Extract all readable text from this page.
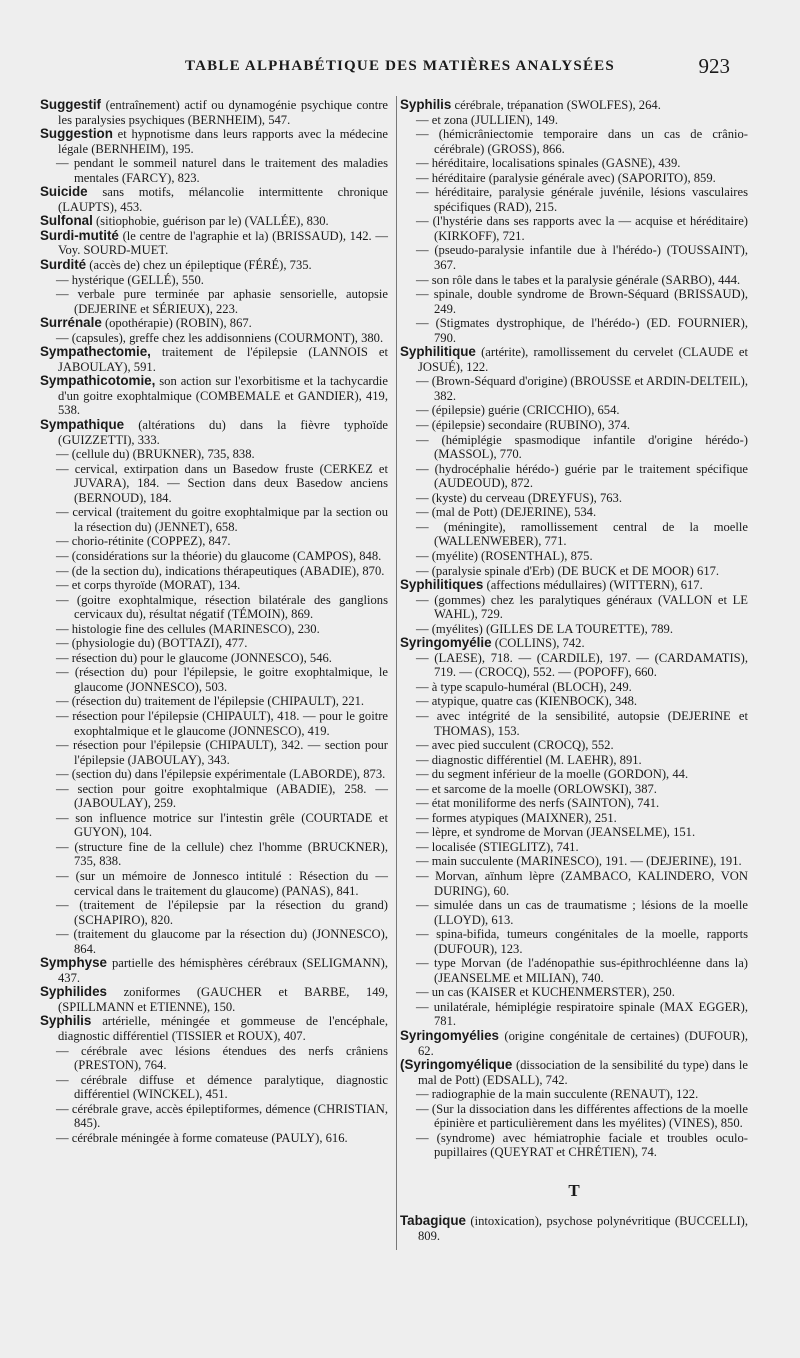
TABLE ALPHABÉTIQUE DES MATIÈRES ANALYSÉES	923

Suggestif (entraînement) actif ou dynamogénie psychique contre les paralysies psychiques (BERNHEIM), 547.

Suggestion et hypnotisme dans leurs rapports avec la médecine légale (BERNHEIM), 195.

— pendant le sommeil naturel dans le traitement des maladies mentales (FARCY), 823.

Suicide sans motifs, mélancolie intermittente chronique (LAUPTS), 453.

Sulfonal (sitiophobie, guérison par le) (VALLÉE), 830.

Surdi-mutité (le centre de l'agraphie et la) (BRISSAUD), 142. — Voy. SOURD-MUET.

Surdité (accès de) chez un épileptique (FÉRÉ), 735.

— hystérique (GELLÉ), 550.

— verbale pure terminée par aphasie sensorielle, autopsie (DEJERINE et SÉRIEUX), 223.

Surrénale (opothérapie) (ROBIN), 867.

— (capsules), greffe chez les addisonniens (COURMONT), 380.

Sympathectomie, traitement de l'épilepsie (LANNOIS et JABOULAY), 591.

Sympathicotomie, son action sur l'exorbitisme et la tachycardie d'un goitre exophtalmique (COMBEMALE et GANDIER), 419, 538.

Sympathique (altérations du) dans la fièvre typhoïde (GUIZZETTI), 333.

— (cellule du) (BRUKNER), 735, 838.

— cervical, extirpation dans un Basedow fruste (CERKEZ et JUVARA), 184. — Section dans deux Basedow anciens (BERNOUD), 184.

— cervical (traitement du goitre exophtalmique par la section ou la résection du) (JENNET), 658.

— chorio-rétinite (COPPEZ), 847.

— (considérations sur la théorie) du glaucome (CAMPOS), 848.

— (de la section du), indications thérapeutiques (ABADIE), 870.

— et corps thyroïde (MORAT), 134.

— (goitre exophtalmique, résection bilatérale des ganglions cervicaux du), résultat négatif (TÉMOIN), 869.

— histologie fine des cellules (MARINESCO), 230.

— (physiologie du) (BOTTAZI), 477.

— résection du) pour le glaucome (JONNESCO), 546.

— (résection du) pour l'épilepsie, le goitre exophtalmique, le glaucome (JONNESCO), 503.

— (résection du) traitement de l'épilepsie (CHIPAULT), 221.

— résection pour l'épilepsie (CHIPAULT), 418. — pour le goitre exophtalmique et le glaucome (JONNESCO), 419.

— résection pour l'épilepsie (CHIPAULT), 342. — section pour l'épilepsie (JABOULAY), 343.

— (section du) dans l'épilepsie expérimentale (LABORDE), 873.

— section pour goitre exophtalmique (ABADIE), 258. — (JABOULAY), 259.

— son influence motrice sur l'intestin grêle (COURTADE et GUYON), 104.

— (structure fine de la cellule) chez l'homme (BRUCKNER), 735, 838.

— (sur un mémoire de Jonnesco intitulé : Résection du — cervical dans le traitement du glaucome) (PANAS), 841.

— (traitement de l'épilepsie par la résection du grand) (SCHAPIRO), 820.

— (traitement du glaucome par la résection du) (JONNESCO), 864.

Symphyse partielle des hémisphères cérébraux (SELIGMANN), 437.

Syphilides zoniformes (GAUCHER et BARBE, 149, (SPILLMANN et ETIENNE), 150.

Syphilis artérielle, méningée et gommeuse de l'encéphale, diagnostic différentiel (TISSIER et ROUX), 407.

— cérébrale avec lésions étendues des nerfs crâniens (PRESTON), 764.

— cérébrale diffuse et démence paralytique, diagnostic différentiel (WINCKEL), 451.

— cérébrale grave, accès épileptiformes, démence (CHRISTIAN, 845).

— cérébrale méningée à forme comateuse (PAULY), 616.

Syphilis cérébrale, trépanation (SWOLFES), 264.

— et zona (JULLIEN), 149.

— (hémicrâniectomie temporaire dans un cas de crânio-cérébrale) (GROSS), 866.

— héréditaire, localisations spinales (GASNE), 439.

— héréditaire (paralysie générale avec) (SAPORITO), 859.

— héréditaire, paralysie générale juvénile, lésions vasculaires spécifiques (RAD), 215.

— (l'hystérie dans ses rapports avec la — acquise et héréditaire) (KIRKOFF), 721.

— (pseudo-paralysie infantile due à l'hérédo-) (TOUSSAINT), 367.

— son rôle dans le tabes et la paralysie générale (SARBO), 444.

— spinale, double syndrome de Brown-Séquard (BRISSAUD), 249.

— (Stigmates dystrophique, de l'hérédo-) (ED. FOURNIER), 790.

Syphilitique (artérite), ramollissement du cervelet (CLAUDE et JOSUÉ), 122.

— (Brown-Séquard d'origine) (BROUSSE et ARDIN-DELTEIL), 382.

— (épilepsie) guérie (CRICCHIO), 654.

— (épilepsie) secondaire (RUBINO), 374.

— (hémiplégie spasmodique infantile d'origine hérédo-) (MASSOL), 770.

— (hydrocéphalie hérédo-) guérie par le traitement spécifique (AUDEOUD), 872.

— (kyste) du cerveau (DREYFUS), 763.

— (mal de Pott) (DEJERINE), 534.

— (méningite), ramollissement central de la moelle (WALLENWEBER), 771.

— (myélite) (ROSENTHAL), 875.

— (paralysie spinale d'Erb) (DE BUCK et DE MOOR) 617.

Syphilitiques (affections médullaires) (WITTERN), 617.

— (gommes) chez les paralytiques généraux (VALLON et LE WAHL), 729.

— (myélites) (GILLES DE LA TOURETTE), 789.

Syringomyélie (COLLINS), 742.

— (LAESE), 718. — (CARDILE), 197. — (CARDAMATIS), 719. — (CROCQ), 552. — (POPOFF), 660.

— à type scapulo-huméral (BLOCH), 249.

— atypique, quatre cas (KIENBOCK), 348.

— avec intégrité de la sensibilité, autopsie (DEJERINE et THOMAS), 153.

— avec pied succulent (CROCQ), 552.

— diagnostic différentiel (M. LAEHR), 891.

— du segment inférieur de la moelle (GORDON), 44.

— et sarcome de la moelle (ORLOWSKI), 387.

— état moniliforme des nerfs (SAINTON), 741.

— formes atypiques (MAIXNER), 251.

— lèpre, et syndrome de Morvan (JEANSELME), 151.

— localisée (STIEGLITZ), 741.

— main succulente (MARINESCO), 191. — (DEJERINE), 191.

— Morvan, aïnhum lèpre (ZAMBACO, KALINDERO, VON DURING), 60.

— simulée dans un cas de traumatisme ; lésions de la moelle (LLOYD), 613.

— spina-bifida, tumeurs congénitales de la moelle, rapports (DUFOUR), 123.

— type Morvan (de l'adénopathie sus-épithrochléenne dans la) (JEANSELME et MILIAN), 740.

— un cas (KAISER et KUCHENMERSTER), 250.

— unilatérale, hémiplégie respiratoire spinale (MAX EGGER), 781.

Syringomyélies (origine congénitale de certaines) (DUFOUR), 62.

(Syringomyélique (dissociation de la sensibilité du type) dans le mal de Pott) (EDSALL), 742.

— radiographie de la main succulente (RENAUT), 122.

— (Sur la dissociation dans les différentes affections de la moelle épinière et particulièrement dans les myélites) (VINES), 850.

— (syndrome) avec hémiatrophie faciale et troubles oculo-pupillaires (QUEYRAT et CHRÉTIEN), 74.

T

Tabagique (intoxication), psychose polynévritique (BUCCELLI), 809.
